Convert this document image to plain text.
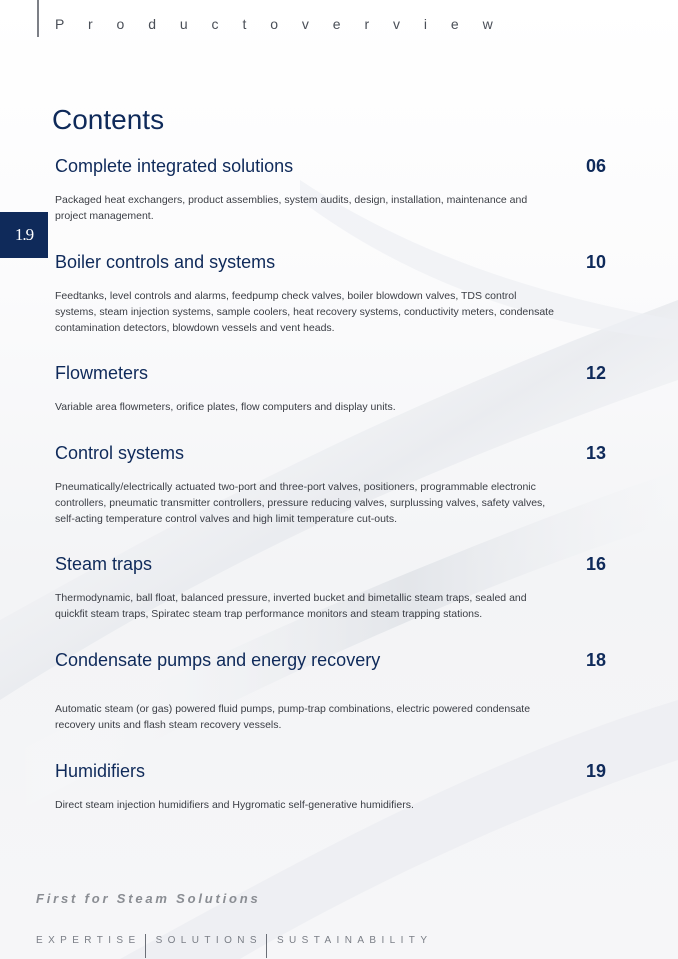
P r o d u c t o v e r v i e w
1.9
Contents
Complete integrated solutions	06

Packaged heat exchangers, product assemblies, system audits, design, installation, maintenance and project management.

Boiler controls and systems	10

Feedtanks, level controls and alarms, feedpump check valves, boiler blowdown valves, TDS control systems, steam injection systems, sample coolers, heat recovery systems, conductivity meters, condensate contamination detectors, blowdown vessels and vent heads.

Flowmeters	12

Variable area flowmeters, orifice plates, flow computers and display units.

Control systems	13

Pneumatically/electrically actuated two-port and three-port valves, positioners, programmable electronic controllers, pneumatic transmitter controllers, pressure reducing valves, surplussing valves, safety valves, self-acting temperature control valves and high limit temperature cut-outs.

Steam traps	16

Thermodynamic, ball float, balanced pressure, inverted bucket and bimetallic steam traps, sealed and quickfit steam traps, Spiratec steam trap performance monitors and steam trapping stations.

Condensate pumps and energy recovery	18

Automatic steam (or gas) powered fluid pumps, pump-trap combinations, electric powered condensate recovery units and flash steam recovery vessels.

Humidifiers	19

Direct steam injection humidifiers and Hygromatic self-generative humidifiers.

First for Steam Solutions
EXPERTISE SOLUTIONS SUSTAINABILITY
